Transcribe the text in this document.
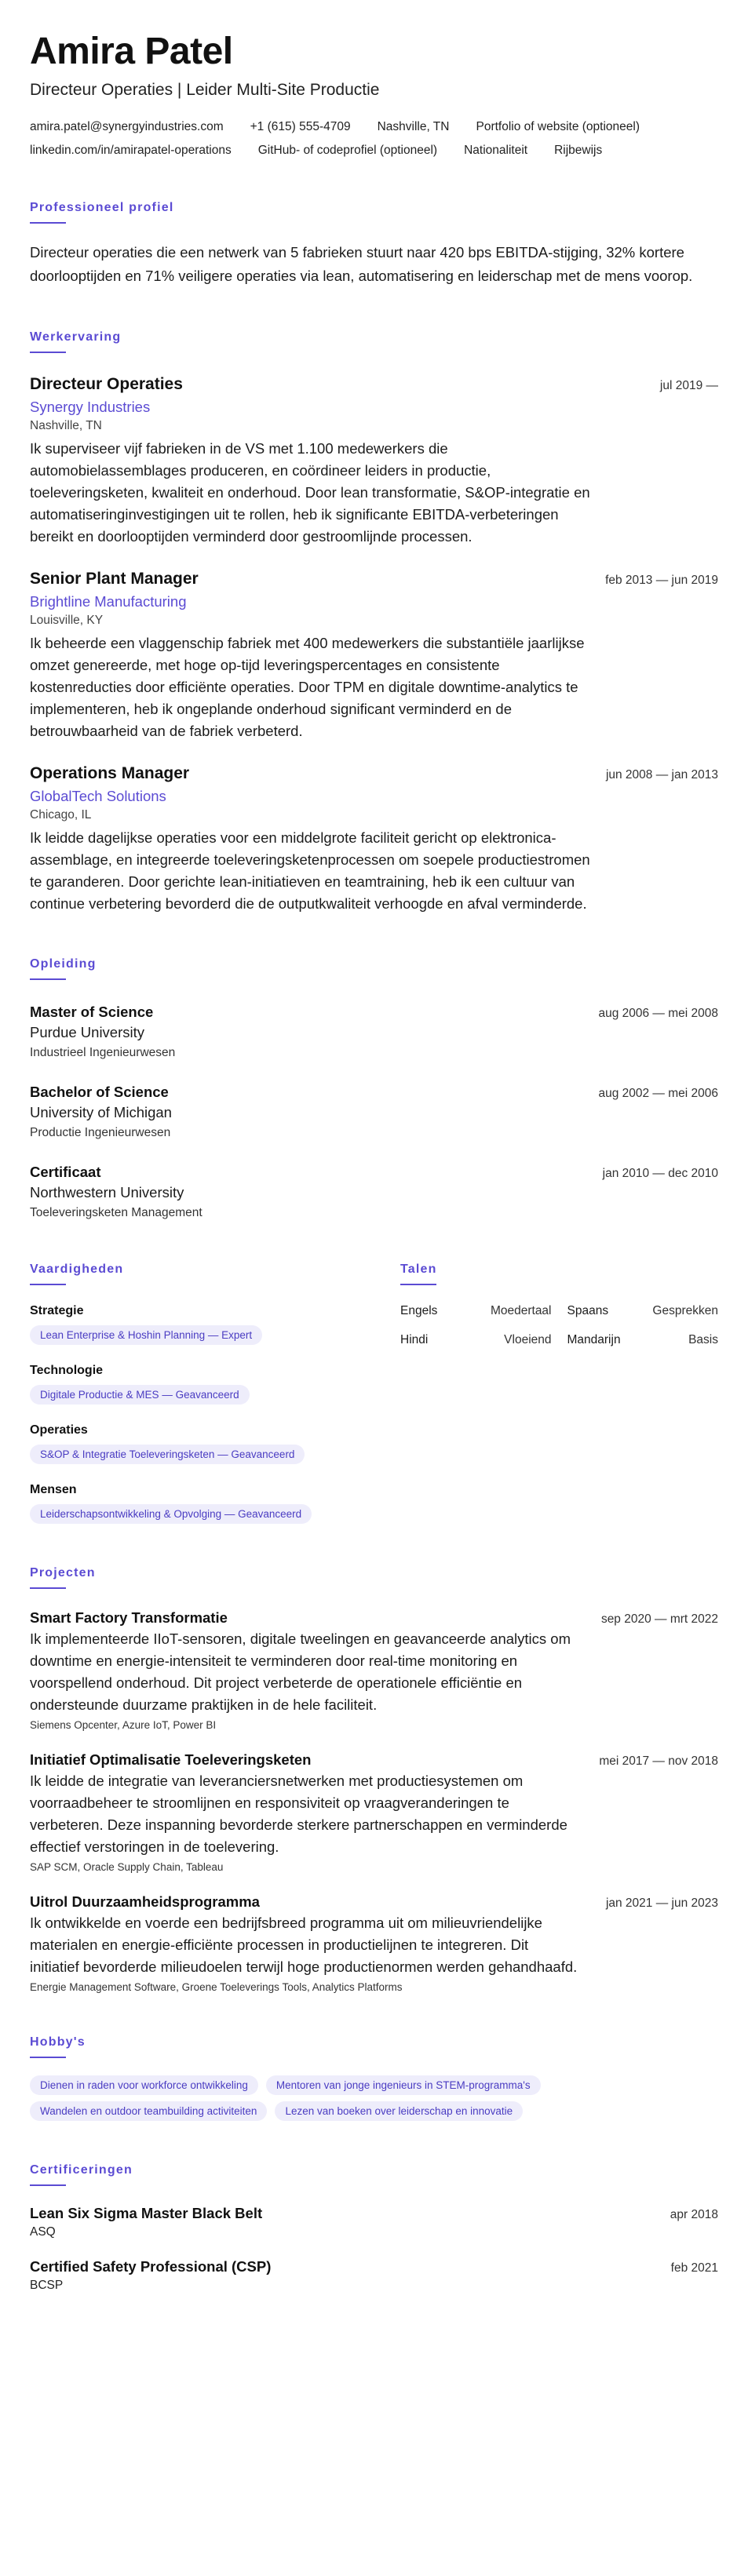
Amira Patel
Directeur Operaties | Leider Multi-Site Productie
amira.patel@synergyindustries.com +1 (615) 555-4709 Nashville, TN Portfolio of website (optioneel)
linkedin.com/in/amirapatel-operations GitHub- of codeprofiel (optioneel) Nationaliteit Rijbewijs
Professioneel profiel

Directeur operaties die een netwerk van 5 fabrieken stuurt naar 420 bps EBITDA-stijging, 32% kortere doorlooptijden en 71% veiligere operaties via lean, automatisering en leiderschap met de mens voorop.

Werkervaring
Directeur Operaties	jul 2019 —
Synergy Industries
Nashville, TN

Ik superviseer vijf fabrieken in de VS met 1.100 medewerkers die automobielassemblages produceren, en coördineer leiders in productie, toeleveringsketen, kwaliteit en onderhoud. Door lean transformatie, S&OP-integratie en automatiseringinvestigingen uit te rollen, heb ik significante EBITDA-verbeteringen bereikt en doorlooptijden verminderd door gestroomlijnde processen.

Senior Plant Manager	feb 2013 — jun 2019
Brightline Manufacturing
Louisville, KY

Ik beheerde een vlaggenschip fabriek met 400 medewerkers die substantiële jaarlijkse omzet genereerde, met hoge op-tijd leveringspercentages en consistente kostenreducties door efficiënte operaties. Door TPM en digitale downtime-analytics te implementeren, heb ik ongeplande onderhoud significant verminderd en de betrouwbaarheid van de fabriek verbeterd.

Operations Manager	jun 2008 — jan 2013
GlobalTech Solutions
Chicago, IL

Ik leidde dagelijkse operaties voor een middelgrote faciliteit gericht op elektronica-assemblage, en integreerde toeleveringsketenprocessen om soepele productiestromen te garanderen. Door gerichte lean-initiatieven en teamtraining, heb ik een cultuur van continue verbetering bevorderd die de outputkwaliteit verhoogde en afval verminderde.

Opleiding
Master of Science	aug 2006 — mei 2008
Purdue University
Industrieel Ingenieurwesen
Bachelor of Science	aug 2002 — mei 2006
University of Michigan
Productie Ingenieurwesen
Certificaat	jan 2010 — dec 2010
Northwestern University
Toeleveringsketen Management
Vaardigheden
Strategie
Lean Enterprise & Hoshin Planning — Expert
Technologie
Digitale Productie & MES — Geavanceerd
Operaties
S&OP & Integratie Toeleveringsketen — Geavanceerd
Mensen
Leiderschapsontwikkeling & Opvolging — Geavanceerd
Talen
Engels	Moedertaal Spaans	Gesprekken
Hindi	Vloeiend Mandarijn	Basis
Projecten
Smart Factory Transformatie	sep 2020 — mrt 2022

Ik implementeerde IIoT-sensoren, digitale tweelingen en geavanceerde analytics om downtime en energie-intensiteit te verminderen door real-time monitoring en voorspellend onderhoud. Dit project verbeterde de operationele efficiëntie en ondersteunde duurzame praktijken in de hele faciliteit.

Siemens Opcenter, Azure IoT, Power BI
Initiatief Optimalisatie Toeleveringsketen	mei 2017 — nov 2018

Ik leidde de integratie van leveranciersnetwerken met productiesystemen om voorraadbeheer te stroomlijnen en responsiviteit op vraagveranderingen te verbeteren. Deze inspanning bevorderde sterkere partnerschappen en verminderde effectief verstoringen in de toelevering.

SAP SCM, Oracle Supply Chain, Tableau
Uitrol Duurzaamheidsprogramma	jan 2021 — jun 2023

Ik ontwikkelde en voerde een bedrijfsbreed programma uit om milieuvriendelijke materialen en energie-efficiënte processen in productielijnen te integreren. Dit initiatief bevorderde milieudoelen terwijl hoge productienormen werden gehandhaafd.

Energie Management Software, Groene Toeleverings Tools, Analytics Platforms
Hobby's
Dienen in raden voor workforce ontwikkeling	Mentoren van jonge ingenieurs in STEM-programma's
Wandelen en outdoor teambuilding activiteiten	Lezen van boeken over leiderschap en innovatie
Certificeringen
Lean Six Sigma Master Black Belt	apr 2018
ASQ
Certified Safety Professional (CSP)	feb 2021
BCSP
